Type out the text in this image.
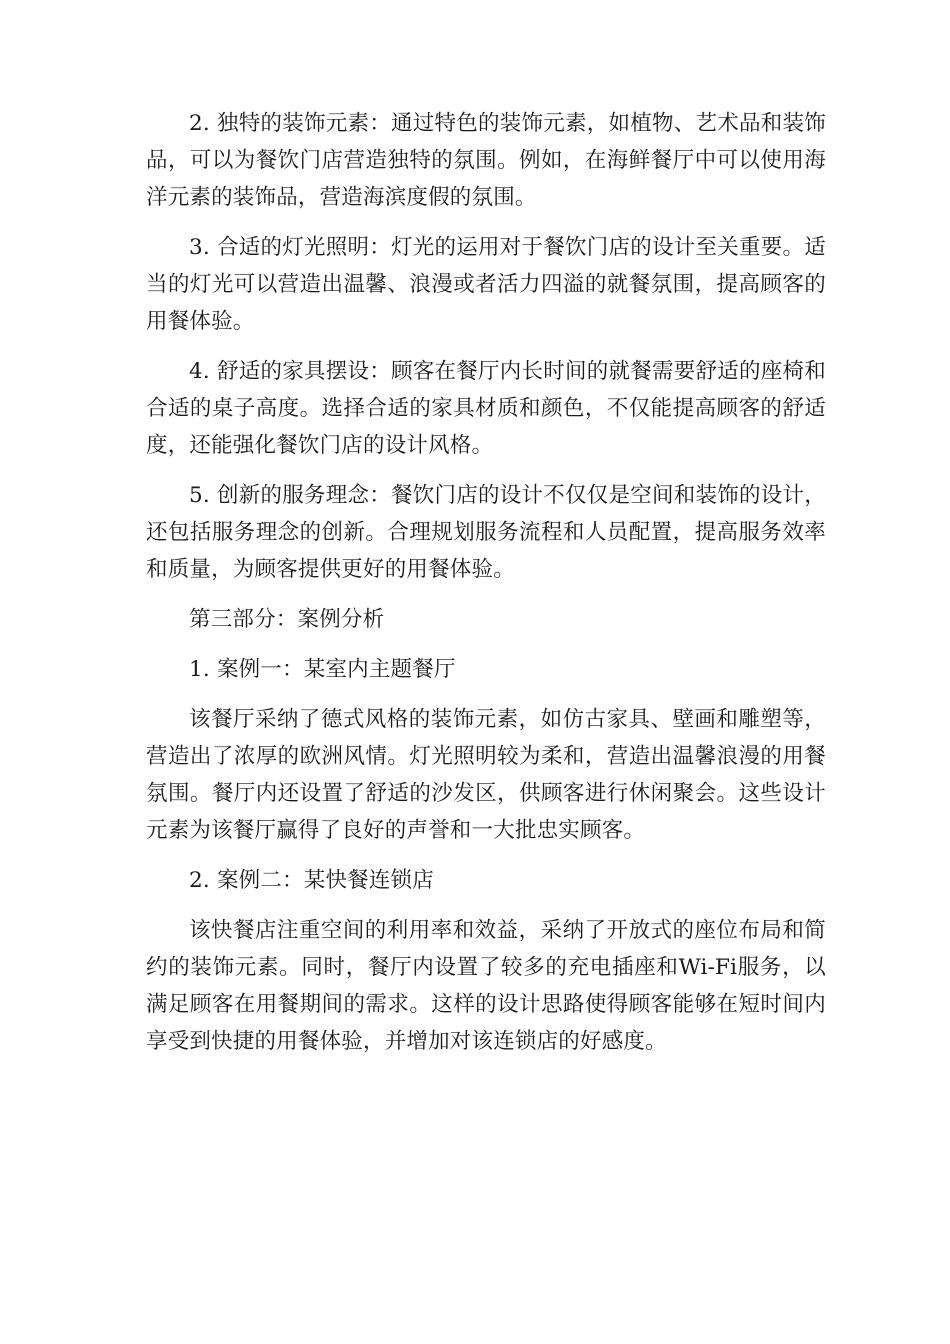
2. 独特的装饰元素：通过特色的装饰元素，如植物、艺术品和装饰品，可以为餐饮门店营造独特的氛围。例如，在海鲜餐厅中可以使用海洋元素的装饰品，营造海滨度假的氛围。

3. 合适的灯光照明：灯光的运用对于餐饮门店的设计至关重要。适当的灯光可以营造出温馨、浪漫或者活力四溢的就餐氛围，提高顾客的用餐体验。

4. 舒适的家具摆设：顾客在餐厅内长时间的就餐需要舒适的座椅和合适的桌子高度。选择合适的家具材质和颜色，不仅能提高顾客的舒适度，还能强化餐饮门店的设计风格。

5. 创新的服务理念：餐饮门店的设计不仅仅是空间和装饰的设计，还包括服务理念的创新。合理规划服务流程和人员配置，提高服务效率和质量，为顾客提供更好的用餐体验。

第三部分：案例分析

1. 案例一：某室内主题餐厅

该餐厅采纳了德式风格的装饰元素，如仿古家具、壁画和雕塑等，营造出了浓厚的欧洲风情。灯光照明较为柔和，营造出温馨浪漫的用餐氛围。餐厅内还设置了舒适的沙发区，供顾客进行休闲聚会。这些设计元素为该餐厅赢得了良好的声誉和一大批忠实顾客。

2. 案例二：某快餐连锁店

该快餐店注重空间的利用率和效益，采纳了开放式的座位布局和简约的装饰元素。同时，餐厅内设置了较多的充电插座和Wi-Fi服务，以满足顾客在用餐期间的需求。这样的设计思路使得顾客能够在短时间内享受到快捷的用餐体验，并增加对该连锁店的好感度。
